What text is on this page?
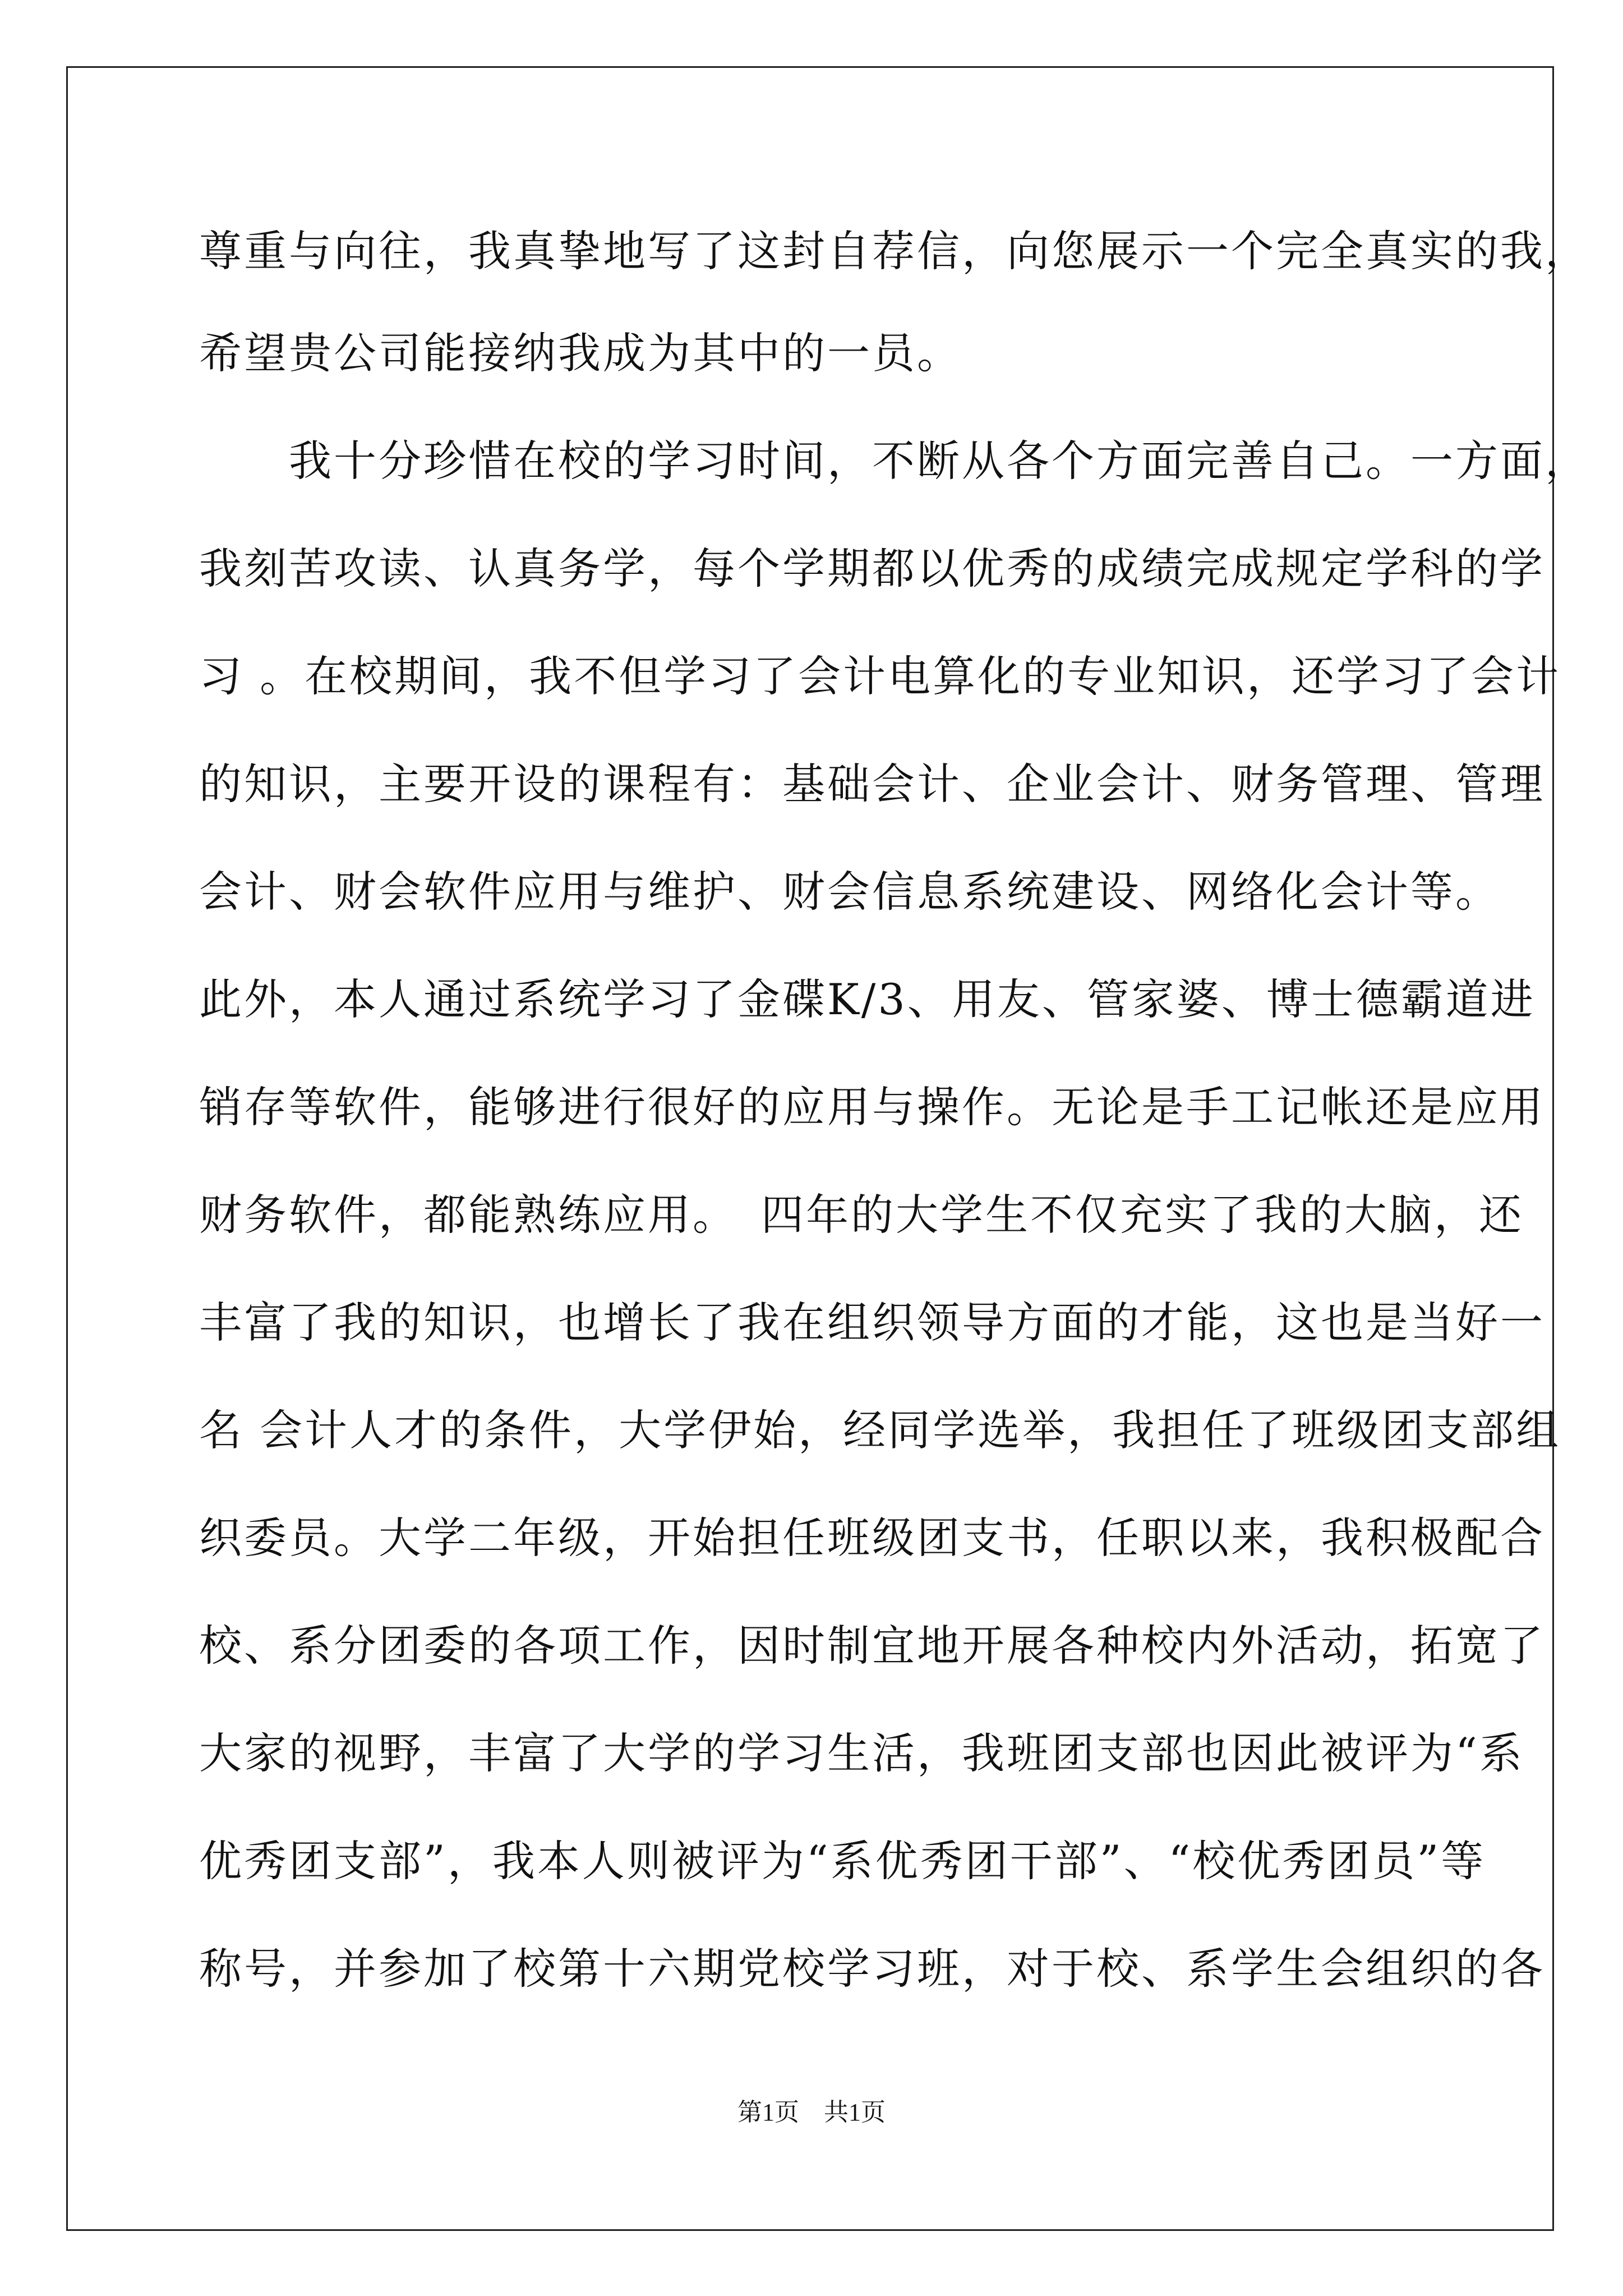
尊重与向往，我真挚地写了这封自荐信，向您展示一个完全真实的我，
希望贵公司能接纳我成为其中的一员。
　　我十分珍惜在校的学习时间，不断从各个方面完善自己。一方面，
我刻苦攻读、认真务学，每个学期都以优秀的成绩完成规定学科的学
习 。在校期间，我不但学习了会计电算化的专业知识，还学习了会计
的知识，主要开设的课程有：基础会计、企业会计、财务管理、管理
会计、财会软件应用与维护、财会信息系统建设、网络化会计等。
此外，本人通过系统学习了金碟K/3、用友、管家婆、博士德霸道进
销存等软件，能够进行很好的应用与操作。无论是手工记帐还是应用
财务软件，都能熟练应用。　四年的大学生不仅充实了我的大脑，还
丰富了我的知识，也增长了我在组织领导方面的才能，这也是当好一
名 会计人才的条件，大学伊始，经同学选举，我担任了班级团支部组
织委员。大学二年级，开始担任班级团支书，任职以来，我积极配合
校、系分团委的各项工作，因时制宜地开展各种校内外活动，拓宽了
大家的视野，丰富了大学的学习生活，我班团支部也因此被评为“系
优秀团支部”，我本人则被评为“系优秀团干部”、“校优秀团员”等
称号，并参加了校第十六期党校学习班，对于校、系学生会组织的各
第1页　共1页
